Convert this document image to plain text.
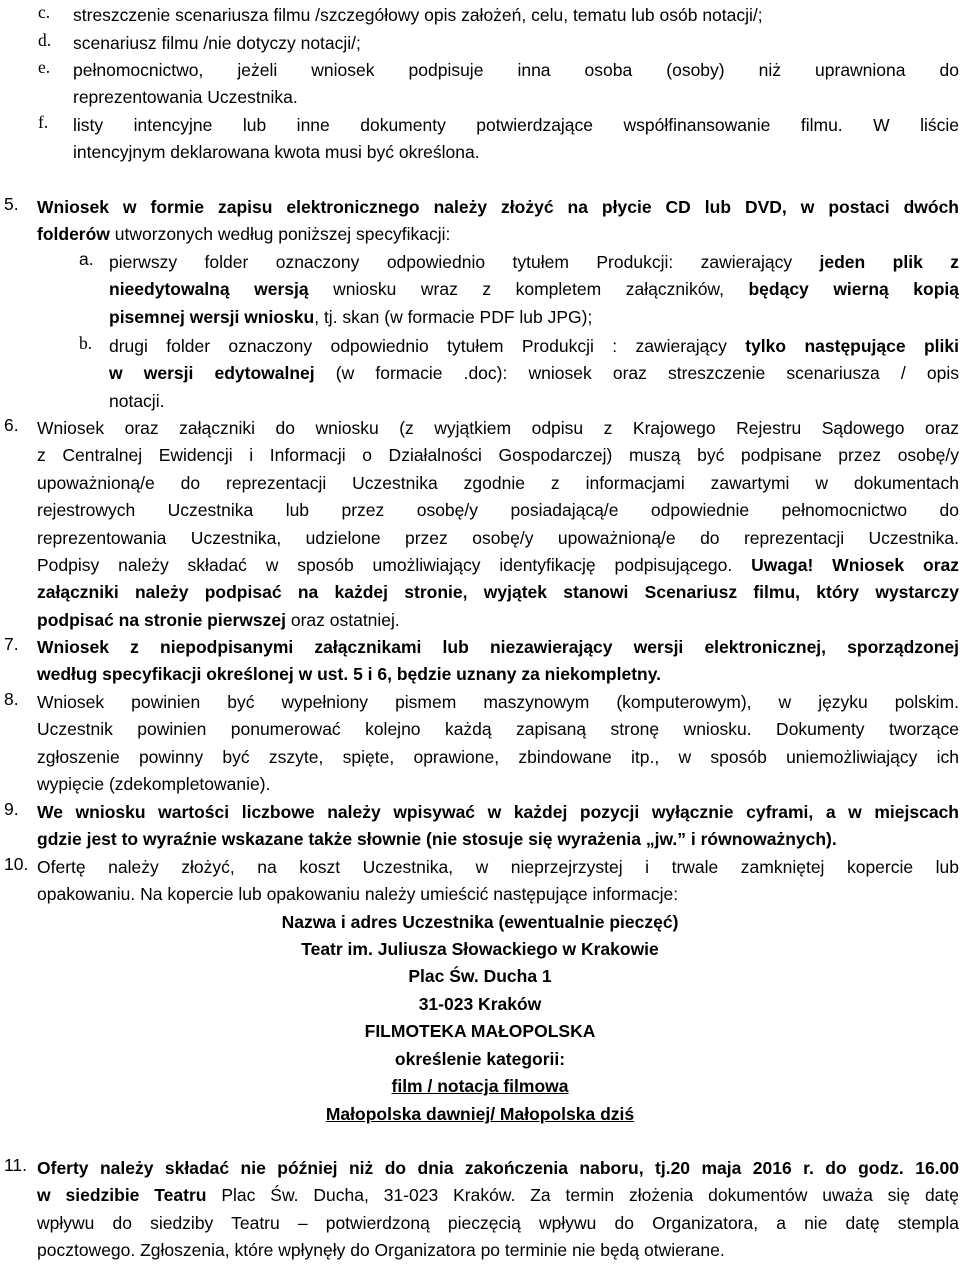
c. streszczenie scenariusza filmu /szczegółowy opis założeń, celu, tematu lub osób notacji/;
d. scenariusz filmu /nie dotyczy notacji/;
e. pełnomocnictwo, jeżeli wniosek podpisuje inna osoba (osoby) niż uprawniona do
reprezentowania Uczestnika.
f. listy intencyjne lub inne dokumenty potwierdzające współfinansowanie filmu. W liście
intencyjnym deklarowana kwota musi być określona.
5. Wniosek w formie zapisu elektronicznego należy złożyć na płycie CD lub DVD, w postaci dwóch
folderów utworzonych według poniższej specyfikacji:
a. pierwszy folder oznaczony odpowiednio tytułem Produkcji: zawierający jeden plik z
nieedytowalną wersją wniosku wraz z kompletem załączników, będący wierną kopią
pisemnej wersji wniosku, tj. skan (w formacie PDF lub JPG);
b. drugi folder oznaczony odpowiednio tytułem Produkcji : zawierający tylko następujące pliki
w wersji edytowalnej (w formacie .doc): wniosek oraz streszczenie scenariusza / opis
notacji.
6. Wniosek oraz załączniki do wniosku (z wyjątkiem odpisu z Krajowego Rejestru Sądowego oraz
z Centralnej Ewidencji i Informacji o Działalności Gospodarczej) muszą być podpisane przez osobę/y
upoważnioną/e do reprezentacji Uczestnika zgodnie z informacjami zawartymi w dokumentach
rejestrowych Uczestnika lub przez osobę/y posiadającą/e odpowiednie pełnomocnictwo do
reprezentowania Uczestnika, udzielone przez osobę/y upoważnioną/e do reprezentacji Uczestnika.
Podpisy należy składać w sposób umożliwiający identyfikację podpisującego. Uwaga! Wniosek oraz
załączniki należy podpisać na każdej stronie, wyjątek stanowi Scenariusz filmu, który wystarczy
podpisać na stronie pierwszej oraz ostatniej.
7. Wniosek z niepodpisanymi załącznikami lub niezawierający wersji elektronicznej, sporządzonej
według specyfikacji określonej w ust. 5 i 6, będzie uznany za niekompletny.
8. Wniosek powinien być wypełniony pismem maszynowym (komputerowym), w języku polskim.
Uczestnik powinien ponumerować kolejno każdą zapisaną stronę wniosku. Dokumenty tworzące
zgłoszenie powinny być zszyte, spięte, oprawione, zbindowane itp., w sposób uniemożliwiający ich
wypięcie (zdekompletowanie).
9. We wniosku wartości liczbowe należy wpisywać w każdej pozycji wyłącznie cyframi, a w miejscach
gdzie jest to wyraźnie wskazane także słownie (nie stosuje się wyrażenia „jw.” i równoważnych).
10. Ofertę należy złożyć, na koszt Uczestnika, w nieprzejrzystej i trwale zamkniętej kopercie lub
opakowaniu. Na kopercie lub opakowaniu należy umieścić następujące informacje:
Nazwa i adres Uczestnika (ewentualnie pieczęć)
Teatr im. Juliusza Słowackiego w Krakowie
Plac Św. Ducha 1
31-023 Kraków
FILMOTEKA MAŁOPOLSKA
określenie kategorii:
film / notacja filmowa
Małopolska dawniej/ Małopolska dziś
11. Oferty należy składać nie później niż do dnia zakończenia naboru, tj.20 maja 2016 r. do godz. 16.00
w siedzibie Teatru Plac Św. Ducha, 31-023 Kraków. Za termin złożenia dokumentów uważa się datę
wpływu do siedziby Teatru – potwierdzoną pieczęcią wpływu do Organizatora, a nie datę stempla
pocztowego. Zgłoszenia, które wpłynęły do Organizatora po terminie nie będą otwierane.
